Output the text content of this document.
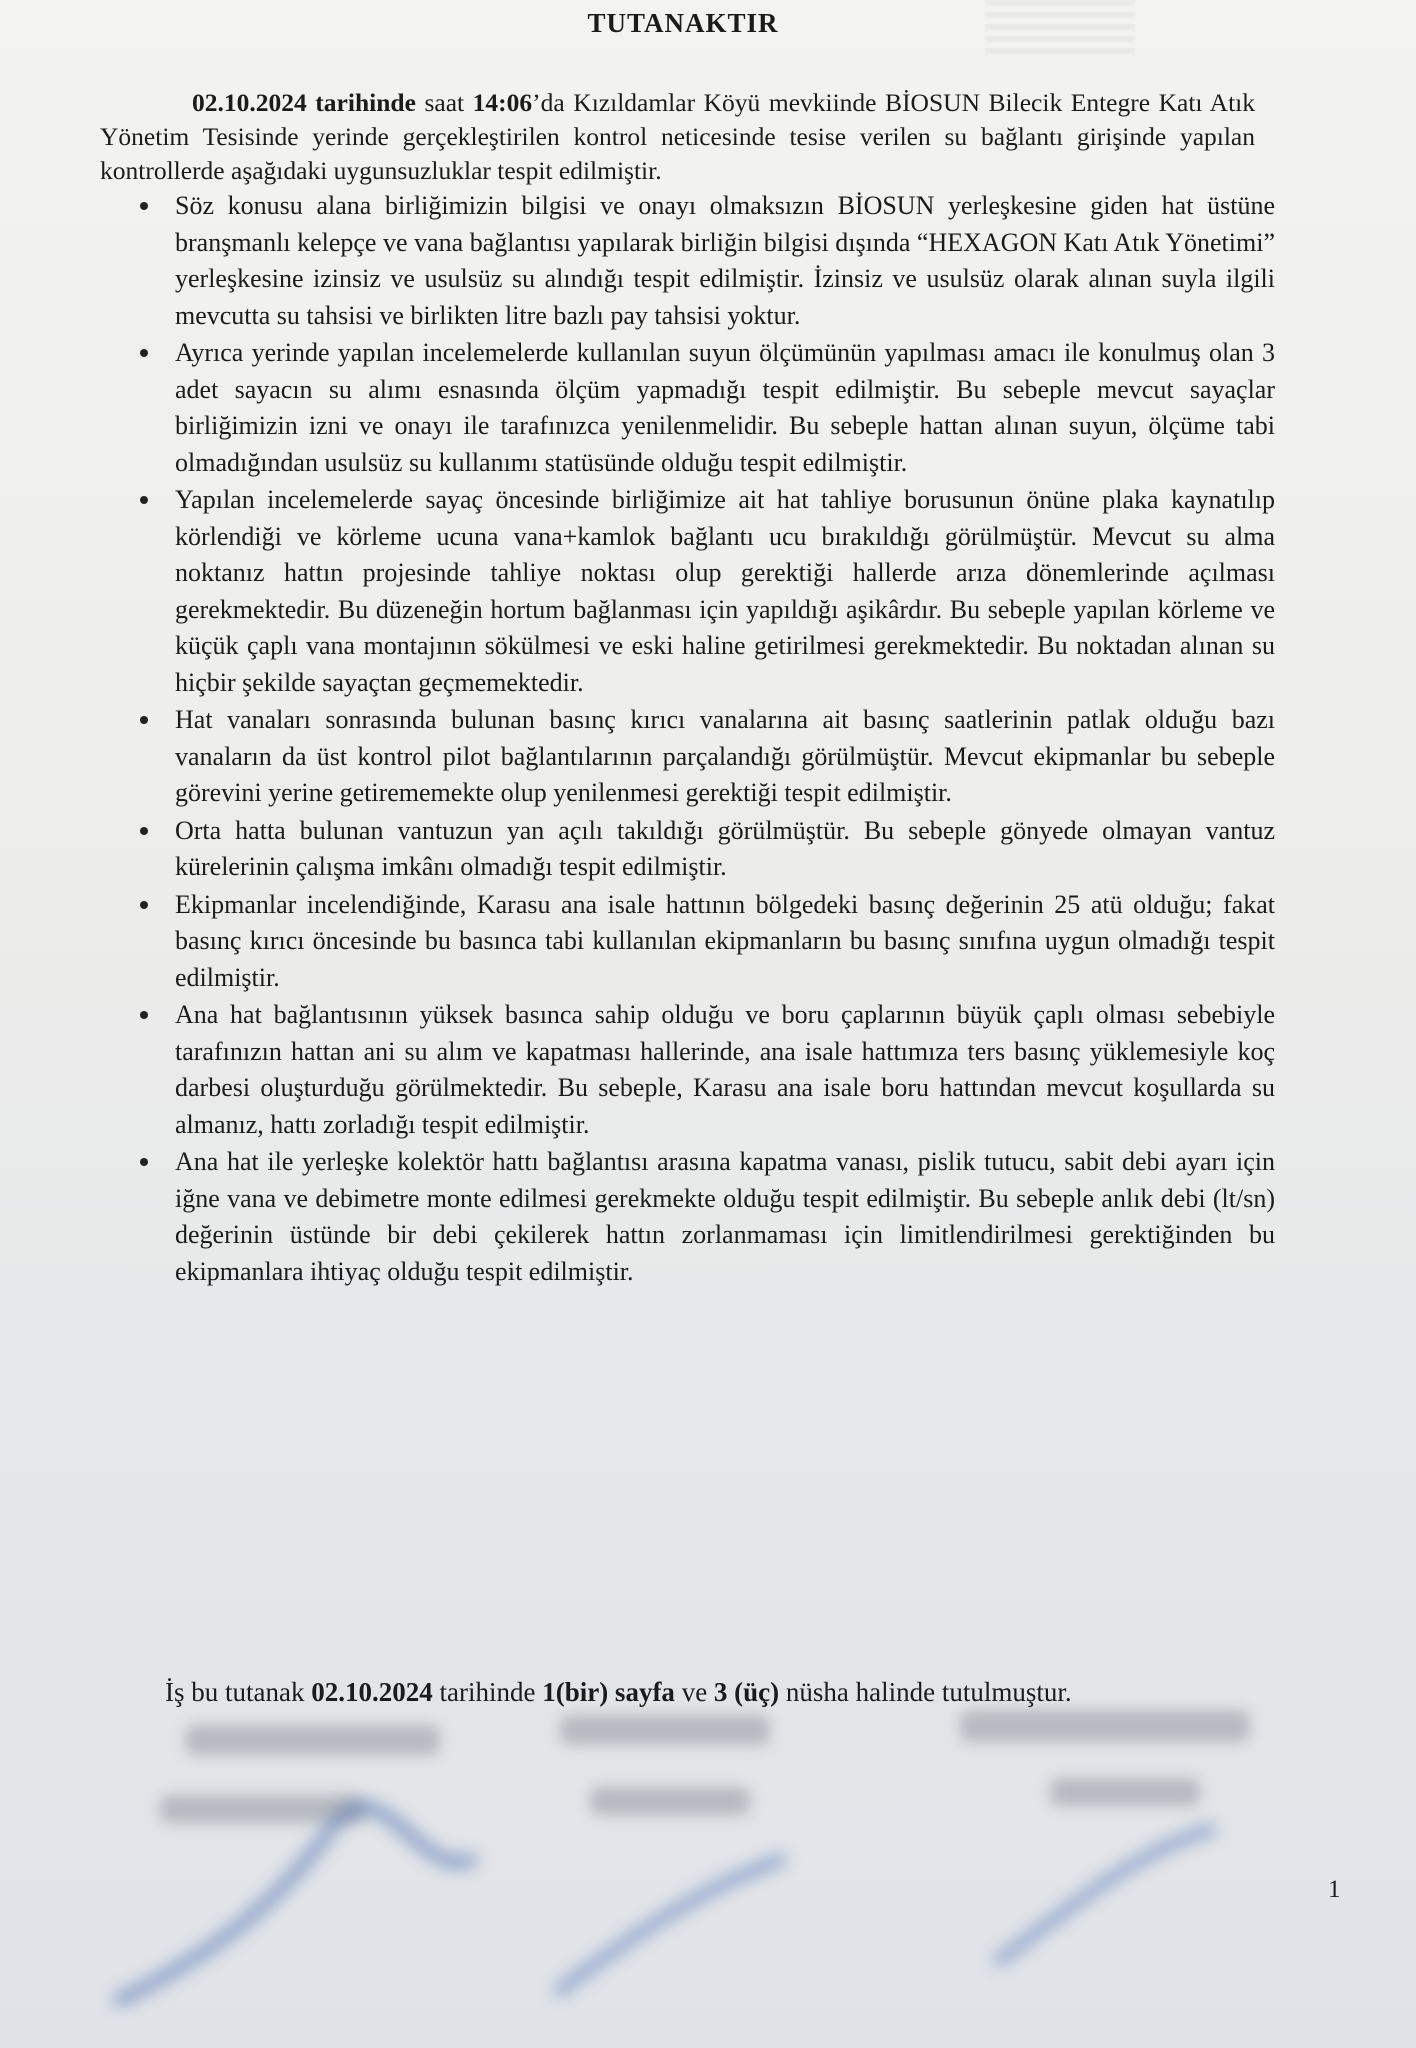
TUTANAKTIR

02.10.2024 tarihinde saat 14:06’da Kızıldamlar Köyü mevkiinde BİOSUN Bilecik Entegre Katı Atık Yönetim Tesisinde yerinde gerçekleştirilen kontrol neticesinde tesise verilen su bağlantı girişinde yapılan kontrollerde aşağıdaki uygunsuzluklar tespit edilmiştir.

Söz konusu alana birliğimizin bilgisi ve onayı olmaksızın BİOSUN yerleşkesine giden hat üstüne branşmanlı kelepçe ve vana bağlantısı yapılarak birliğin bilgisi dışında “HEXAGON Katı Atık Yönetimi” yerleşkesine izinsiz ve usulsüz su alındığı tespit edilmiştir. İzinsiz ve usulsüz olarak alınan suyla ilgili mevcutta su tahsisi ve birlikten litre bazlı pay tahsisi yoktur.
Ayrıca yerinde yapılan incelemelerde kullanılan suyun ölçümünün yapılması amacı ile konulmuş olan 3 adet sayacın su alımı esnasında ölçüm yapmadığı tespit edilmiştir. Bu sebeple mevcut sayaçlar birliğimizin izni ve onayı ile tarafınızca yenilenmelidir. Bu sebeple hattan alınan suyun, ölçüme tabi olmadığından usulsüz su kullanımı statüsünde olduğu tespit edilmiştir.
Yapılan incelemelerde sayaç öncesinde birliğimize ait hat tahliye borusunun önüne plaka kaynatılıp körlendiği ve körleme ucuna vana+kamlok bağlantı ucu bırakıldığı görülmüştür. Mevcut su alma noktanız hattın projesinde tahliye noktası olup gerektiği hallerde arıza dönemlerinde açılması gerekmektedir. Bu düzeneğin hortum bağlanması için yapıldığı aşikârdır. Bu sebeple yapılan körleme ve küçük çaplı vana montajının sökülmesi ve eski haline getirilmesi gerekmektedir. Bu noktadan alınan su hiçbir şekilde sayaçtan geçmemektedir.
Hat vanaları sonrasında bulunan basınç kırıcı vanalarına ait basınç saatlerinin patlak olduğu bazı vanaların da üst kontrol pilot bağlantılarının parçalandığı görülmüştür. Mevcut ekipmanlar bu sebeple görevini yerine getirememekte olup yenilenmesi gerektiği tespit edilmiştir.
Orta hatta bulunan vantuzun yan açılı takıldığı görülmüştür. Bu sebeple gönyede olmayan vantuz kürelerinin çalışma imkânı olmadığı tespit edilmiştir.
Ekipmanlar incelendiğinde, Karasu ana isale hattının bölgedeki basınç değerinin 25 atü olduğu; fakat basınç kırıcı öncesinde bu basınca tabi kullanılan ekipmanların bu basınç sınıfına uygun olmadığı tespit edilmiştir.
Ana hat bağlantısının yüksek basınca sahip olduğu ve boru çaplarının büyük çaplı olması sebebiyle tarafınızın hattan ani su alım ve kapatması hallerinde, ana isale hattımıza ters basınç yüklemesiyle koç darbesi oluşturduğu görülmektedir. Bu sebeple, Karasu ana isale boru hattından mevcut koşullarda su almanız, hattı zorladığı tespit edilmiştir.
Ana hat ile yerleşke kolektör hattı bağlantısı arasına kapatma vanası, pislik tutucu, sabit debi ayarı için iğne vana ve debimetre monte edilmesi gerekmekte olduğu tespit edilmiştir. Bu sebeple anlık debi (lt/sn) değerinin üstünde bir debi çekilerek hattın zorlanmaması için limitlendirilmesi gerektiğinden bu ekipmanlara ihtiyaç olduğu tespit edilmiştir.

İş bu tutanak 02.10.2024 tarihinde 1(bir) sayfa ve 3 (üç) nüsha halinde tutulmuştur.

1
